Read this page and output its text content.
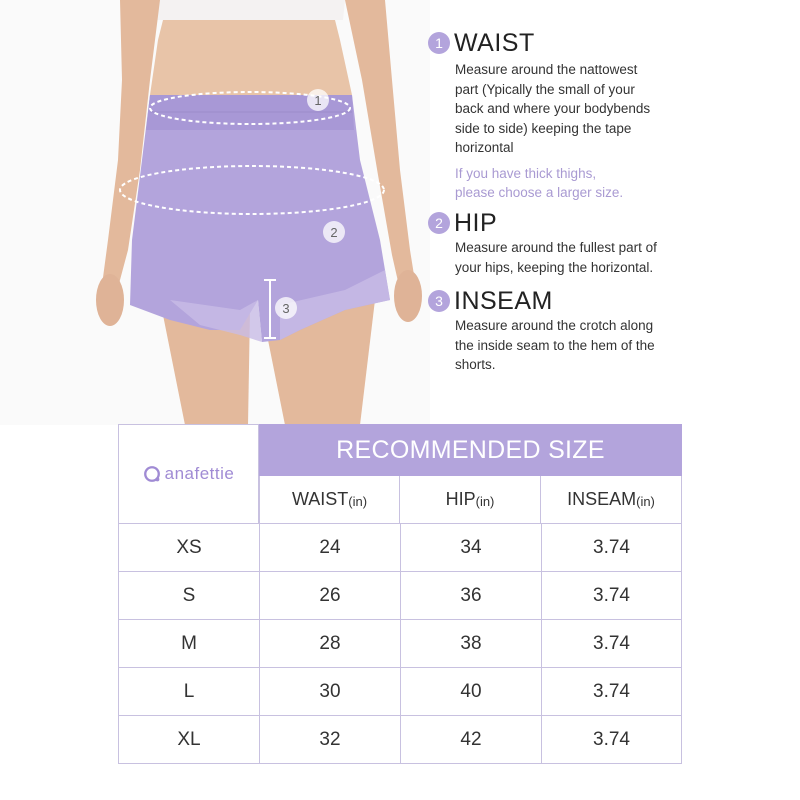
1
2
3
1 WAIST
Measure around the nattowest
part (Ypically the small of your
back and where your bodybends
side to side) keeping the tape
horizontal
If you have thick thighs,
please choose a larger size.
2 HIP
Measure around the fullest part of
your hips, keeping the horizontal.
3 INSEAM
Measure around the crotch along
the inside seam to the hem of the
shorts.
anafettie
RECOMMENDED SIZE
WAIST (in)	HIP (in)	INSEAM (in)
XS	24	34	3.74
S	26	36	3.74
M	28	38	3.74
L	30	40	3.74
XL	32	42	3.74
